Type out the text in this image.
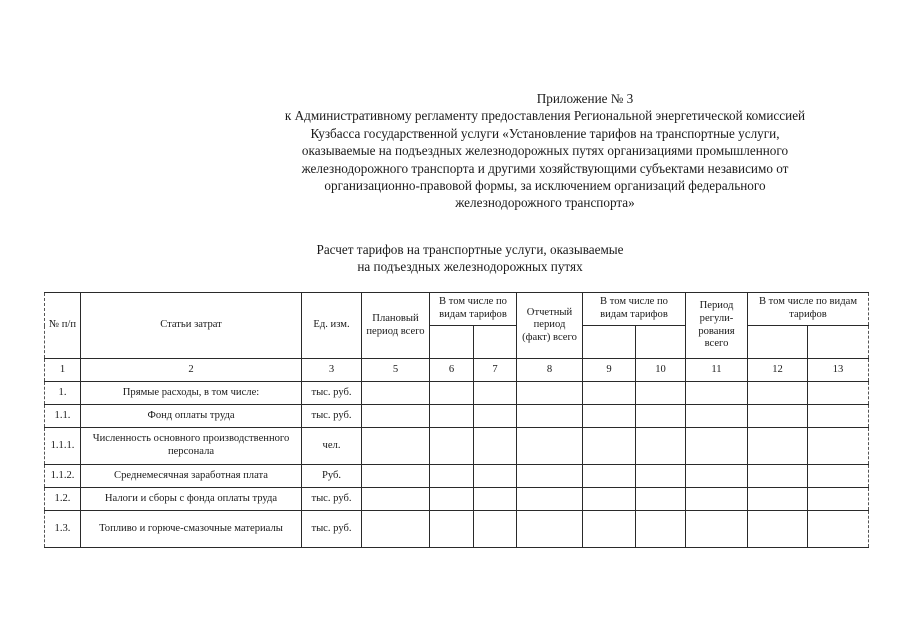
Приложение № 3
к Административному регламенту предоставления Региональной энергетической комиссией
Кузбасса государственной услуги «Установление тарифов на транспортные услуги,
оказываемые на подъездных железнодорожных путях организациями промышленного
железнодорожного транспорта и другими хозяйствующими субъектами независимо от
организационно-правовой формы, за исключением организаций федерального
железнодорожного транспорта»
Расчет тарифов на транспортные услуги, оказываемые
на подъездных железнодорожных путях
№ п/п	Статьи затрат	Ед. изм.	Плановый период всего	В том числе по видам тарифов		Отчетный период (факт) всего	В том числе по видам тарифов		Период регули-рования всего	В том числе по видам тарифов	

1	2	3	5	6	7	8	9	10	11	12	13
1.	Прямые расходы, в том числе:	тыс. руб.									
1.1.	Фонд оплаты труда	тыс. руб.									
1.1.1.	Численность основного производственного персонала	чел.									
1.1.2.	Среднемесячная заработная плата	Руб.									
1.2.	Налоги и сборы с фонда оплаты труда	тыс. руб.									
1.3.	Топливо и горюче-смазочные материалы	тыс. руб.									
